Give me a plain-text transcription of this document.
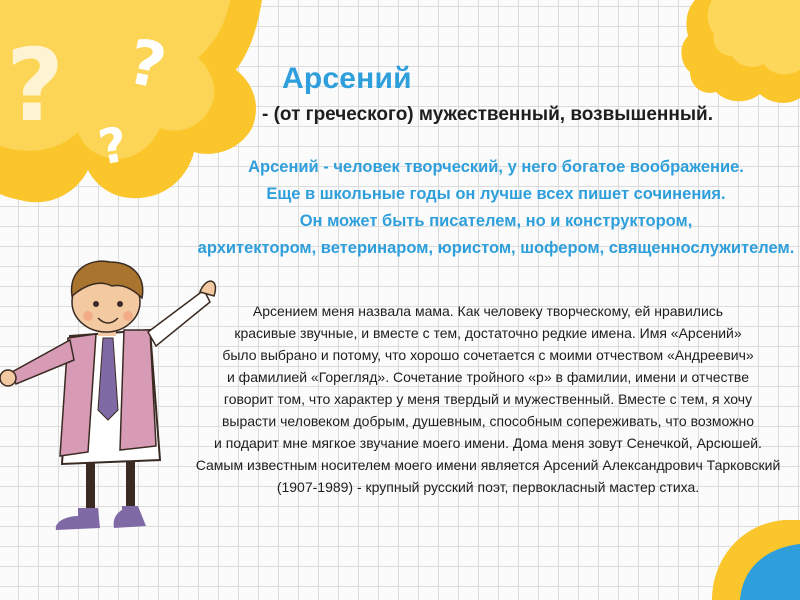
? ?
?
Арсений
- (от греческого) мужественный, возвышенный.
Арсений - человек творческий, у него богатое воображение.
Еще в школьные годы он лучше всех пишет сочинения.
Он может быть писателем, но и конструктором,
архитектором, ветеринаром, юристом, шофером, священнослужителем.
Арсением меня назвала мама. Как человеку творческому, ей нравились
красивые звучные, и вместе с тем, достаточно редкие имена. Имя «Арсений»
было выбрано и потому, что хорошо сочетается с моими отчеством «Андреевич»
и фамилией «Горегляд». Сочетание тройного «р» в фамилии, имени и отчестве
говорит том, что характер у меня твердый и мужественный. Вместе с тем, я хочу
вырасти человеком добрым, душевным, способным сопереживать, что возможно
и подарит мне мягкое звучание моего имени. Дома меня зовут Сенечкой, Арсюшей.
Самым известным носителем моего имени является Арсений Александрович Тарковский
(1907-1989) - крупный русский поэт, первокласный мастер стиха.
